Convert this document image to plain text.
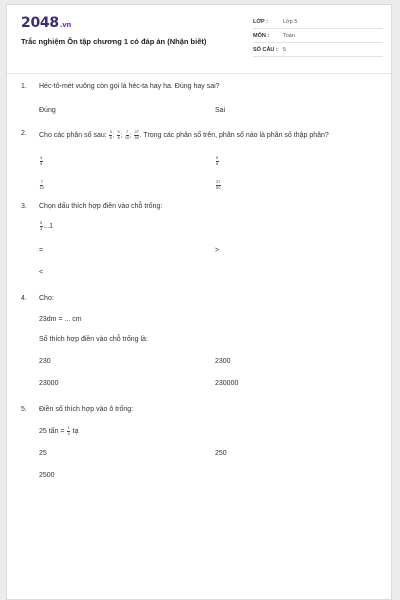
2048.vn
Trắc nghiệm Ôn tập chương 1 có đáp án (Nhận biết)
LỚP :	Lớp 5
MÔN :	Toán
SỐ CÂU : 5
1. Héc-tô-mét vuông còn gọi là héc-ta hay ha. Đúng hay sai?
Đúng	Sai
2. Cho các phân số sau: $\frac{3}{5}$ ; $\frac{5}{8}$ ; $\frac{7}{10}$ ; $\frac{27}{50}$ . Trong các phân số trên, phân số nào là phân số thập phân?
$\frac{3}{5}$	$\frac{5}{8}$
$\frac{7}{10}$	$\frac{27}{50}$
3. Chọn dấu thích hợp điền vào chỗ trống:
$\frac{5}{3} ...1$
=	>
<
4. Cho:
23dm = ... cm
Số thích hợp điền vào chỗ trống là:
230	2300
23000	230000
5. Điền số thích hợp vào ô trống:
25 tấn = $\frac{1}{4}$ tạ
25	250
2500
